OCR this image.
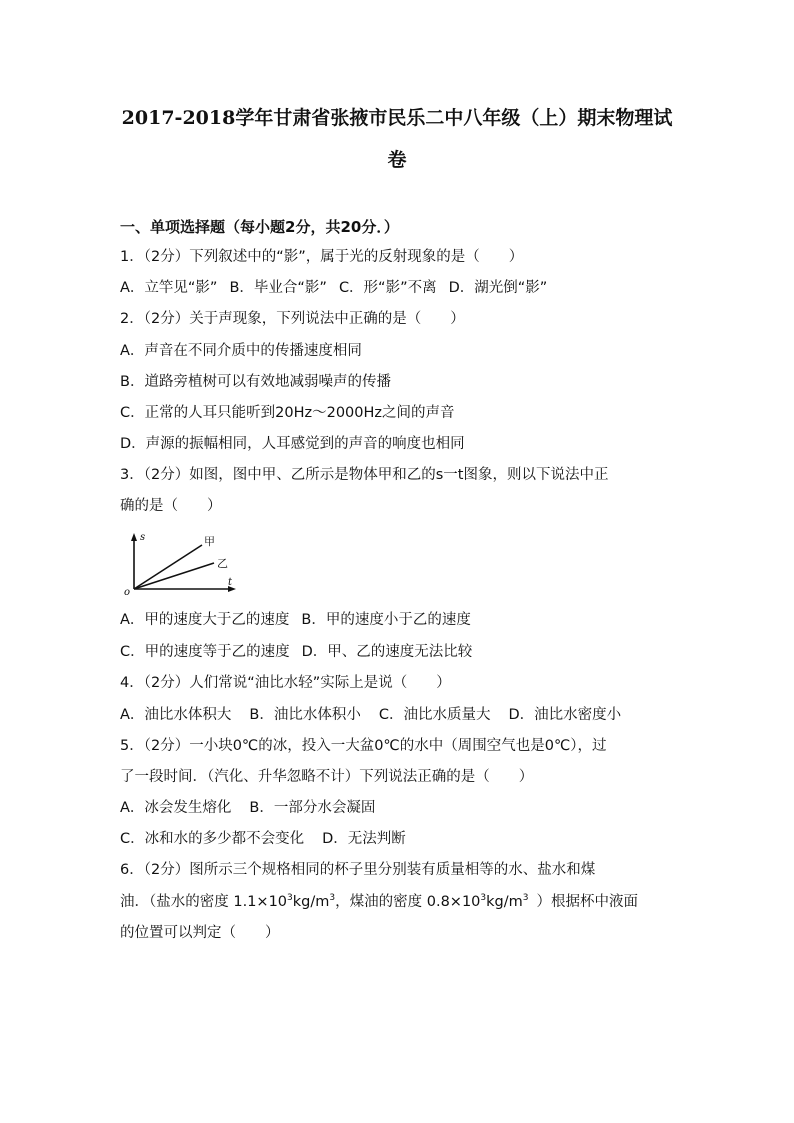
2017-2018学年甘肃省张掖市民乐二中八年级（上）期末物理试
卷
一、单项选择题（每小题2分，共20分．）
1．（2分）下列叙述中的“影”，属于光的反射现象的是（　　）
A．立竿见“影” B．毕业合“影” C．形“影”不离 D．湖光倒“影”
2．（2分）关于声现象，下列说法中正确的是（　　）
A．声音在不同介质中的传播速度相同
B．道路旁植树可以有效地减弱噪声的传播
C．正常的人耳只能听到20Hz～2000Hz之间的声音
D．声源的振幅相同，人耳感觉到的声音的响度也相同
3．（2分）如图，图中甲、乙所示是物体甲和乙的s一t图象，则以下说法中正
确的是（　　）
s
t
o
甲
乙
A．甲的速度大于乙的速度 B．甲的速度小于乙的速度
C．甲的速度等于乙的速度 D．甲、乙的速度无法比较
4．（2分）人们常说“油比水轻”实际上是说（　　）
A．油比水体积大 B．油比水体积小 C．油比水质量大 D．油比水密度小
5．（2分）一小块0℃的冰，投入一大盆0℃的水中（周围空气也是0℃），过
了一段时间．（汽化、升华忽略不计）下列说法正确的是（　　）
A．冰会发生熔化 B．一部分水会凝固
C．冰和水的多少都不会变化 D．无法判断
6．（2分）图所示三个规格相同的杯子里分别装有质量相等的水、盐水和煤
油．（盐水的密度 $1.1\times 10^3kg/m^3$，煤油的密度 $0.8\times 10^3kg/m^3$ ）根据杯中液面
的位置可以判定（　　）
